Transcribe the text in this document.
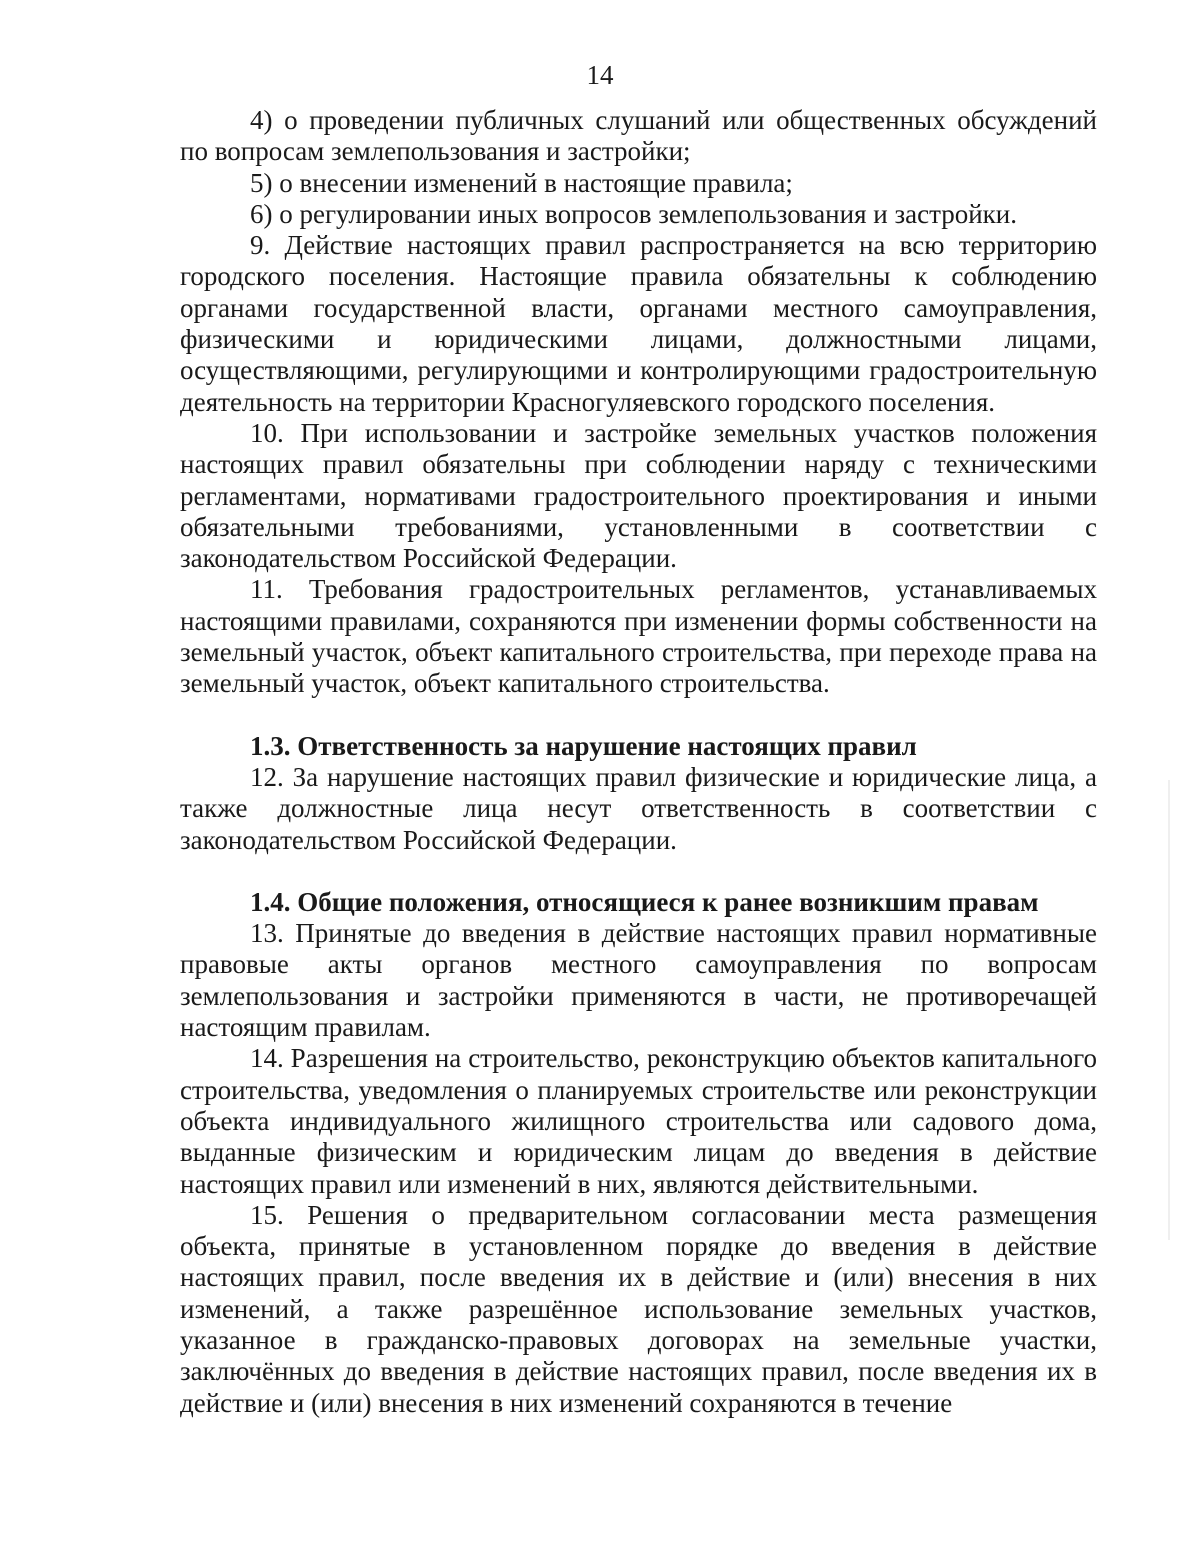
14

4) о проведении публичных слушаний или общественных обсуждений по вопросам землепользования и застройки;

5) о внесении изменений в настоящие правила;

6) о регулировании иных вопросов землепользования и застройки.

9. Действие настоящих правил распространяется на всю территорию городского поселения. Настоящие правила обязательны к соблюдению органами государственной власти, органами местного самоуправления, физическими и юридическими лицами, должностными лицами, осуществляющими, регулирующими и контролирующими градостроительную деятельность на территории Красногуляевского городского поселения.

10. При использовании и застройке земельных участков положения настоящих правил обязательны при соблюдении наряду с техническими регламентами, нормативами градостроительного проектирования и иными обязательными требованиями, установленными в соответствии с законодательством Российской Федерации.

11. Требования градостроительных регламентов, устанавливаемых настоящими правилами, сохраняются при изменении формы собственности на земельный участок, объект капитального строительства, при переходе права на земельный участок, объект капитального строительства.

1.3. Ответственность за нарушение настоящих правил

12. За нарушение настоящих правил физические и юридические лица, а также должностные лица несут ответственность в соответствии с законодательством Российской Федерации.

1.4. Общие положения, относящиеся к ранее возникшим правам

13. Принятые до введения в действие настоящих правил нормативные правовые акты органов местного самоуправления по вопросам землепользования и застройки применяются в части, не противоречащей настоящим правилам.

14. Разрешения на строительство, реконструкцию объектов капитального строительства, уведомления о планируемых строительстве или реконструкции объекта индивидуального жилищного строительства или садового дома, выданные физическим и юридическим лицам до введения в действие настоящих правил или изменений в них, являются действительными.

15. Решения о предварительном согласовании места размещения объекта, принятые в установленном порядке до введения в действие настоящих правил, после введения их в действие и (или) внесения в них изменений, а также разрешённое использование земельных участков, указанное в гражданско-правовых договорах на земельные участки, заключённых до введения в действие настоящих правил, после введения их в действие и (или) внесения в них изменений сохраняются в течение
